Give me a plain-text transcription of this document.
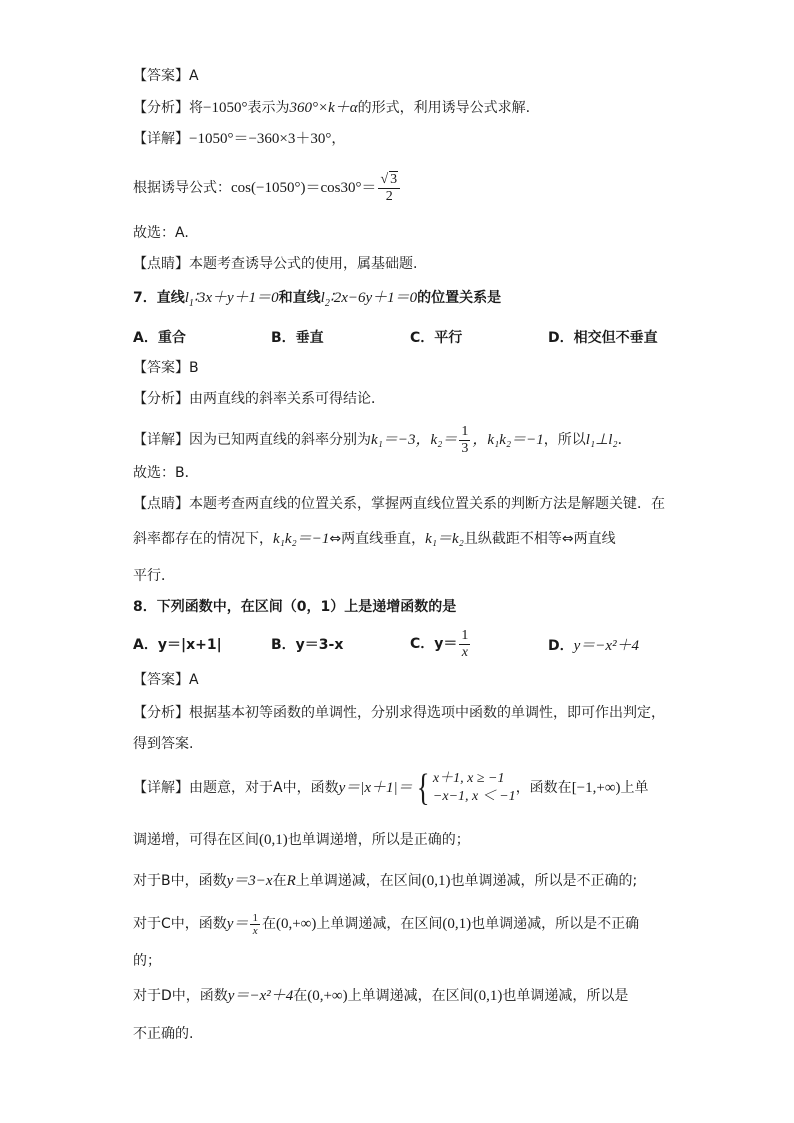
【答案】A
【分析】将−1050°表示为360°×k＋α的形式，利用诱导公式求解.
【详解】−1050°＝−360×3＋30°，
根据诱导公式：$\cos(-1050^\circ)=\cos 30^\circ= \frac{√ 3}{2}$
故选：A.
【点睛】本题考查诱导公式的使用，属基础题.
7．直线$l_1∶3x+y+1=0$和直线$l_2∶2x-6y+1=0$的位置关系是
A．重合	B．垂直	C．平行	D．相交但不垂直
【答案】B
【分析】由两直线的斜率关系可得结论．
【详解】因为已知两直线的斜率分别为k₁＝−3，$k_2= \frac{1}{3}$ ，k₁k₂＝−1，所以l₁⊥l₂．
故选：B．
【点睛】本题考查两直线的位置关系，掌握两直线位置关系的判断方法是解题关键．在
斜率都存在的情况下，k₁k₂＝−1⇔两直线垂直，k₁＝k₂且纵截距不相等⇔两直线
平行．
8．下列函数中，在区间（0，1）上是递增函数的是
A．y＝|x+1|	B．y＝3-x	C．$y= \frac{1}{x}$	D．y＝−x²＋4
【答案】A
【分析】根据基本初等函数的单调性，分别求得选项中函数的单调性，即可作出判定，
得到答案.
【详解】由题意，对于A中，函数y＝|x＋1|＝{ x＋1, x ≥ −1
−x−1, x ＜ −1
，函数在[−1,+∞)上单
调递增，可得在区间(0,1)也单调递增，所以是正确的；
对于B中，函数y＝3−x在R上单调递减，在区间(0,1)也单调递减，所以是不正确的;
对于C中，函数$y= \frac{1}{x}$ 在(0,+∞)上单调递减，在区间(0,1)也单调递减，所以是不正确
的；
对于D中，函数y＝−x²＋4在(0,+∞)上单调递减，在区间(0,1)也单调递减，所以是
不正确的.
